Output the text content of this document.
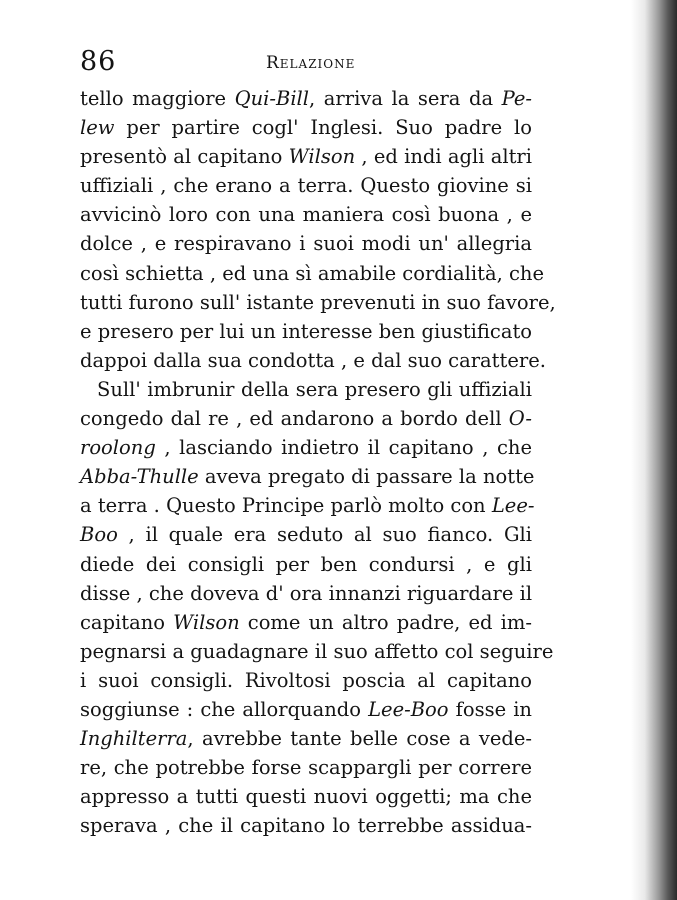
86	Relazione
tello maggiore Qui-Bill, arriva la sera da Pe-
lew per partire cogl' Inglesi. Suo padre lo
presentò al capitano Wilson , ed indi agli altri
uffiziali , che erano a terra. Questo giovine si
avvicinò loro con una maniera così buona , e
dolce , e respiravano i suoi modi un' allegria
così schietta , ed una sì amabile cordialità, che
tutti furono sull' istante prevenuti in suo favore,
e presero per lui un interesse ben giustificato
dappoi dalla sua condotta , e dal suo carattere.
Sull' imbrunir della sera presero gli uffiziali
congedo dal re , ed andarono a bordo dell O-
roolong , lasciando indietro il capitano , che
Abba-Thulle aveva pregato di passare la notte
a terra . Questo Principe parlò molto con Lee-
Boo , il quale era seduto al suo fianco. Gli
diede dei consigli per ben condursi , e gli
disse , che doveva d' ora innanzi riguardare il
capitano Wilson come un altro padre, ed im-
pegnarsi a guadagnare il suo affetto col seguire
i suoi consigli. Rivoltosi poscia al capitano
soggiunse : che allorquando Lee-Boo fosse in
Inghilterra, avrebbe tante belle cose a vede-
re, che potrebbe forse scappargli per correre
appresso a tutti questi nuovi oggetti; ma che
sperava , che il capitano lo terrebbe assidua-
